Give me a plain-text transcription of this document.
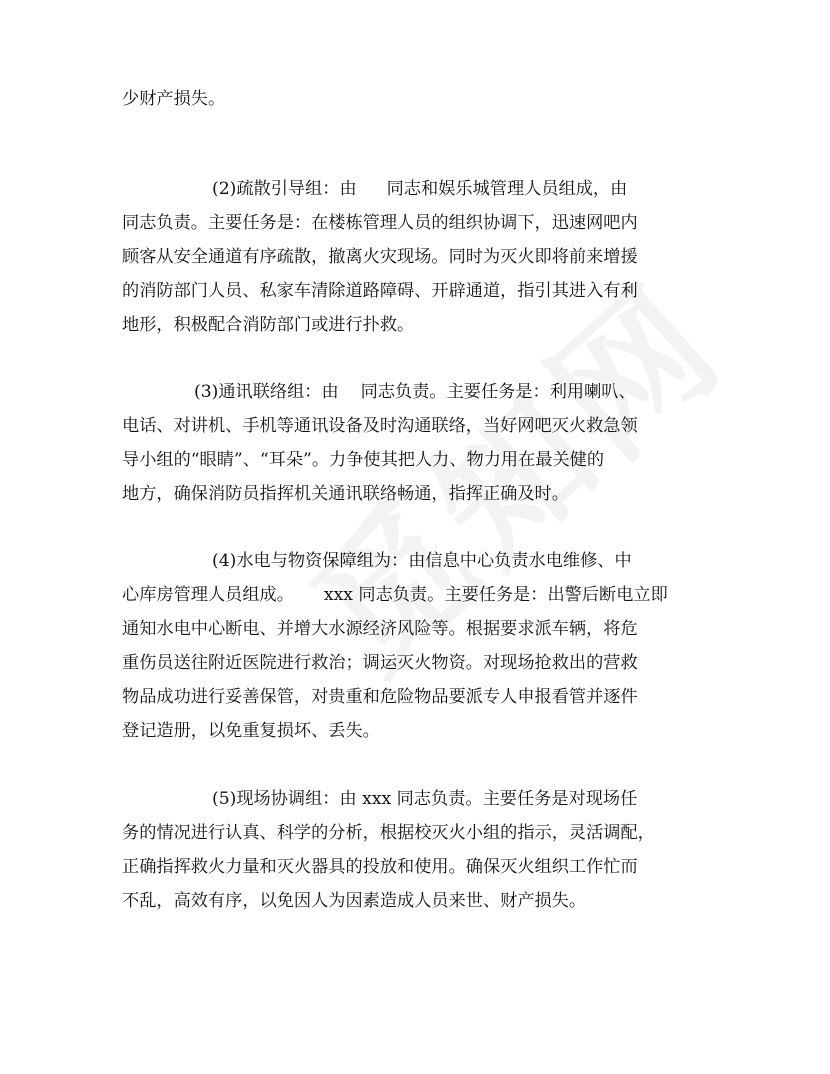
少财产损失。

(2)疏散引导组：由 同志和娱乐城管理人员组成，由
同志负责。主要任务是：在楼栋管理人员的组织协调下，迅速网吧内
顾客从安全通道有序疏散，撤离火灾现场。同时为灭火即将前来增援
的消防部门人员、私家车清除道路障碍、开辟通道，指引其进入有利
地形，积极配合消防部门或进行扑救。

(3)通讯联络组：由 同志负责。主要任务是：利用喇叭、
电话、对讲机、手机等通讯设备及时沟通联络，当好网吧灭火救急领
导小组的“眼睛”、“耳朵”。力争使其把人力、物力用在最关健的
地方，确保消防员指挥机关通讯联络畅通，指挥正确及时。

(4)水电与物资保障组为：由信息中心负责水电维修、中
心库房管理人员组成。 xxx 同志负责。主要任务是：出警后断电立即
通知水电中心断电、并增大水源经济风险等。根据要求派车辆，将危
重伤员送往附近医院进行救治；调运灭火物资。对现场抢救出的营救
物品成功进行妥善保管，对贵重和危险物品要派专人申报看管并逐件
登记造册，以免重复损坏、丢失。

(5)现场协调组：由 xxx 同志负责。主要任务是对现场任
务的情况进行认真、科学的分析，根据校灭火小组的指示，灵活调配，
正确指挥救火力量和灭火器具的投放和使用。确保灭火组织工作忙而
不乱，高效有序，以免因人为因素造成人员来世、财产损失。
